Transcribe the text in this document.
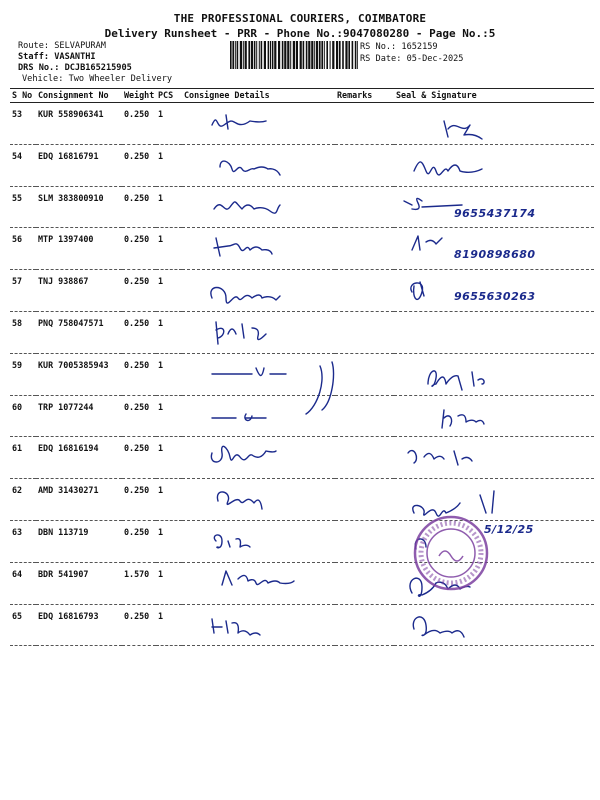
THE PROFESSIONAL COURIERS, COIMBATORE
Delivery Runsheet - PRR - Phone No.:9047080280 - Page No.:5
Route: SELVAPURAM
Staff: VASANTHI
DRS No.: DCJB165215905
Vehicle: Two Wheeler Delivery
RS No.: 1652159
RS Date: 05-Dec-2025
S No	Consignment No	Weight	PCS	Consignee Details	Remarks	Seal & Signature
53	KUR 558906341	0.250	1	

54	EDQ 16816791	0.250	1	

55	SLM 383800910	0.250	1			9655437174

56	MTP 1397400	0.250	1			8190898680

57	TNJ 938867	0.250	1			9655630263

58	PNQ 758047571	0.250	1	

59	KUR 7005385943	0.250	1	

60	TRP 1077244	0.250	1	

61	EDQ 16816194	0.250	1	

62	AMD 31430271	0.250	1	

63	DBN 113719	0.250	1			5/12/25

64	BDR 541907	1.570	1	

65	EDQ 16816793	0.250	1	
